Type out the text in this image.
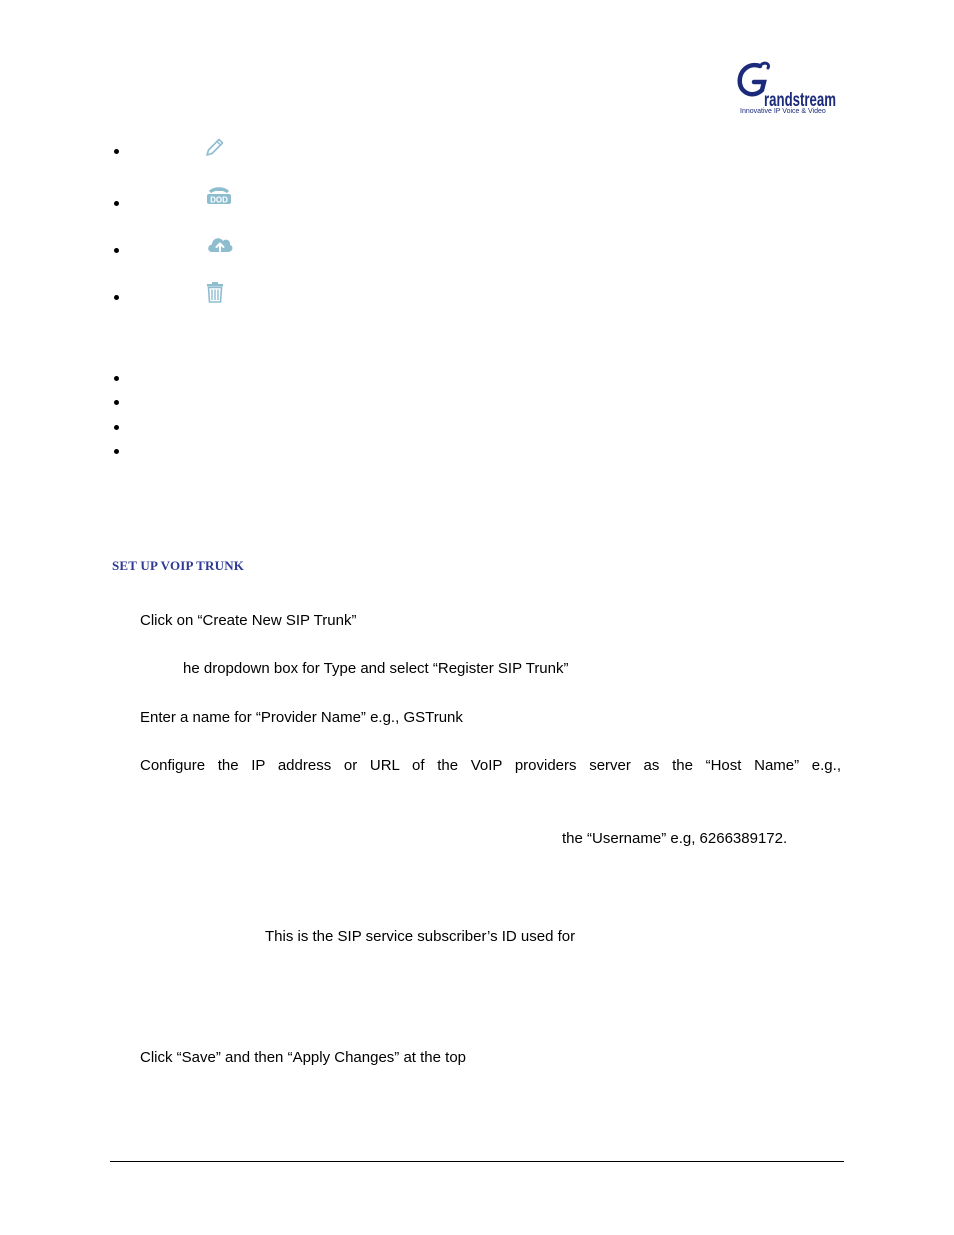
randstream
Innovative IP Voice & Video
DOD
SET UP VOIP TRUNK
Click on “Create New SIP Trunk”
he dropdown box for Type and select “Register SIP Trunk”
Enter a name for “Provider Name” e.g., GSTrunk
Configure the IP address or URL of the VoIP providers server as the “Host Name” e.g.,
the “Username” e.g, 6266389172.
This is the SIP service subscriber’s ID used for
Click “Save” and then “Apply Changes” at the top
